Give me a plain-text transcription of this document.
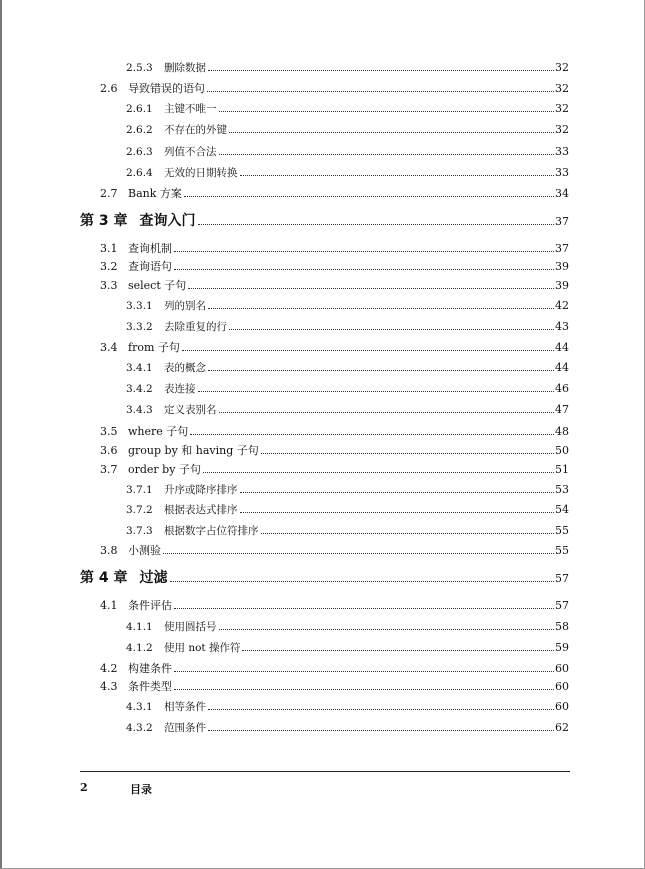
2.5.3 删除数据	32
2.6 导致错误的语句	32
2.6.1 主键不唯一	32
2.6.2 不存在的外键	32
2.6.3 列值不合法	33
2.6.4 无效的日期转换	33
2.7 Bank 方案	34
第 3 章 查询入门	37
3.1 查询机制	37
3.2 查询语句	39
3.3 select 子句	39
3.3.1 列的别名	42
3.3.2 去除重复的行	43
3.4 from 子句	44
3.4.1 表的概念	44
3.4.2 表连接	46
3.4.3 定义表别名	47
3.5 where 子句	48
3.6 group by 和 having 子句	50
3.7 order by 子句	51
3.7.1 升序或降序排序	53
3.7.2 根据表达式排序	54
3.7.3 根据数字占位符排序	55
3.8 小测验	55
第 4 章 过滤	57
4.1 条件评估	57
4.1.1 使用圆括号	58
4.1.2 使用 not 操作符	59
4.2 构建条件	60
4.3 条件类型	60
4.3.1 相等条件	60
4.3.2 范围条件	62
2	目录
